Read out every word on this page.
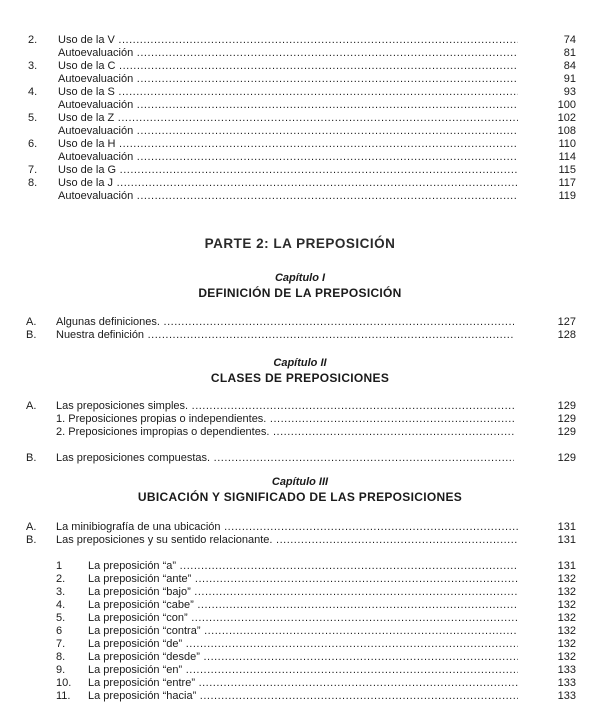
PARTE 2: LA PREPOSICIÓN
Capítulo I
DEFINICIÓN DE LA PREPOSICIÓN
Capítulo II
CLASES DE PREPOSICIONES
Capítulo III
UBICACIÓN Y SIGNIFICADO DE LAS PREPOSICIONES
2. Uso de la V .....	74
Autoevaluación .....	81
3. Uso de la C .....	84
Autoevaluación .....	91
4. Uso de la S .....	93
Autoevaluación .....	100
5. Uso de la Z .....	102
Autoevaluación .....	108
6. Uso de la H .....	110
Autoevaluación .....	114
7. Uso de la G .....	115
8. Uso de la J .....	117
Autoevaluación .....	119
A. Algunas definiciones. .....	127
B. Nuestra definición .....	128
A. Las preposiciones simples. .....	129
1. Preposiciones propias o independientes. .....	129
2. Preposiciones impropias o dependientes. .....	129
B. Las preposiciones compuestas. .....	129
A. La minibiografía de una ubicación .....	131
B. Las preposiciones y su sentido relacionante. .....	131
1 La preposición “a” .....	131
2. La preposición “ante” .....	132
3. La preposición “bajo” .....	132
4. La preposición “cabe” .....	132
5. La preposición “con” .....	132
6 La preposición “contra” .....	132
7. La preposición “de” .....	132
8. La preposición “desde” .....	132
9. La preposición “en” .....	133
10. La preposición “entre” .....	133
11. La preposición “hacia” .....	133
